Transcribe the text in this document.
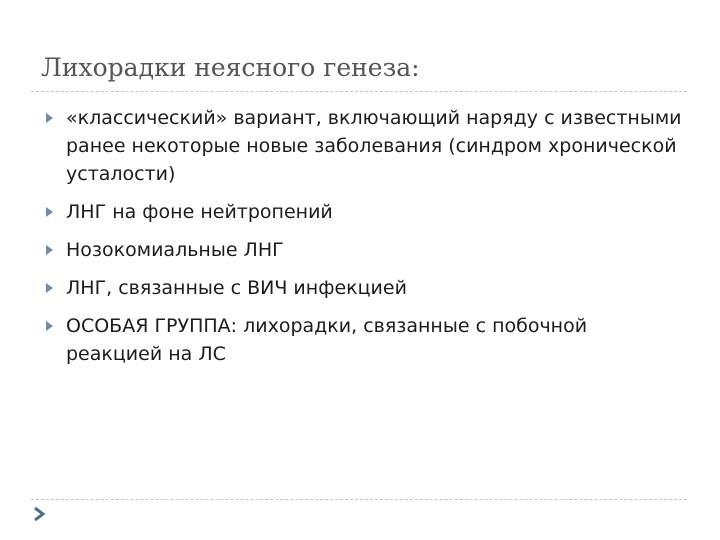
Лихорадки неясного генеза:
«классический» вариант, включающий наряду с известными ранее некоторые новые заболевания (синдром хронической усталости)
ЛНГ на фоне нейтропений
Нозокомиальные ЛНГ
ЛНГ, связанные с ВИЧ инфекцией
ОСОБАЯ ГРУППА: лихорадки, связанные с побочной реакцией на ЛС
